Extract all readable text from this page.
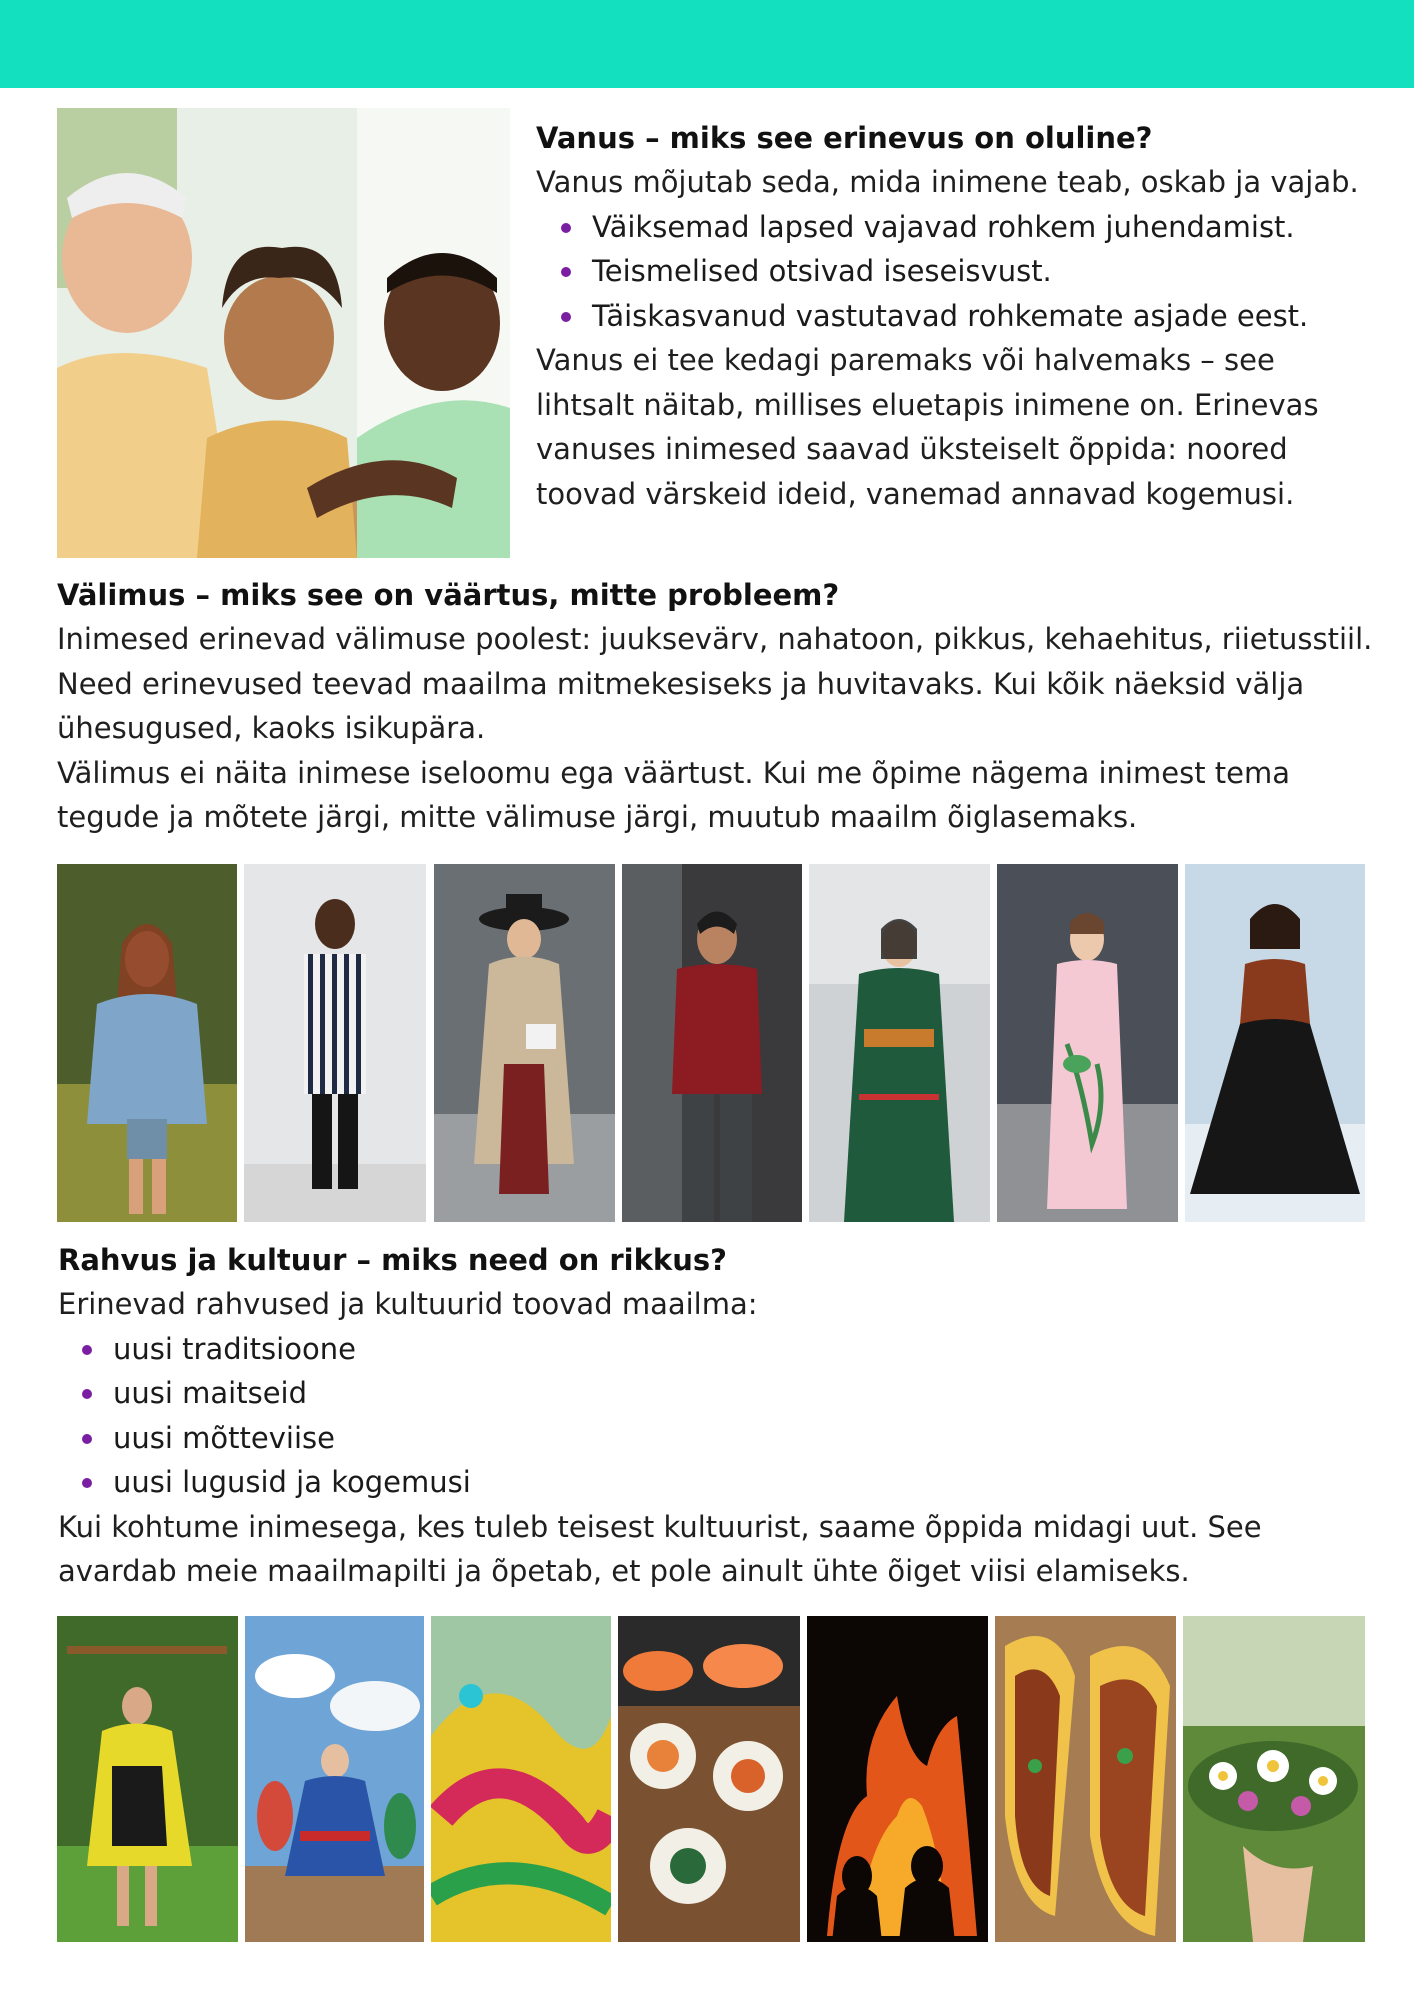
Vanus – miks see erinevus on oluline?

Vanus mõjutab seda, mida inimene teab, oskab ja vajab.

Väiksemad lapsed vajavad rohkem juhendamist.
Teismelised otsivad iseseisvust.
Täiskasvanud vastutavad rohkemate asjade eest.

Vanus ei tee kedagi paremaks või halvemaks – see lihtsalt näitab, millises eluetapis inimene on. Erinevas vanuses inimesed saavad üksteiselt õppida: noored toovad värskeid ideid, vanemad annavad kogemusi.

Välimus – miks see on väärtus, mitte probleem?

Inimesed erinevad välimuse poolest: juuksevärv, nahatoon, pikkus, kehaehitus, riietusstiil. Need erinevused teevad maailma mitmekesiseks ja huvitavaks. Kui kõik näeksid välja ühesugused, kaoks isikupära.

Välimus ei näita inimese iseloomu ega väärtust. Kui me õpime nägema inimest tema tegude ja mõtete järgi, mitte välimuse järgi, muutub maailm õiglasemaks.

Rahvus ja kultuur – miks need on rikkus?

Erinevad rahvused ja kultuurid toovad maailma:

uusi traditsioone
uusi maitseid
uusi mõtteviise
uusi lugusid ja kogemusi

Kui kohtume inimesega, kes tuleb teisest kultuurist, saame õppida midagi uut. See avardab meie maailmapilti ja õpetab, et pole ainult ühte õiget viisi elamiseks.
